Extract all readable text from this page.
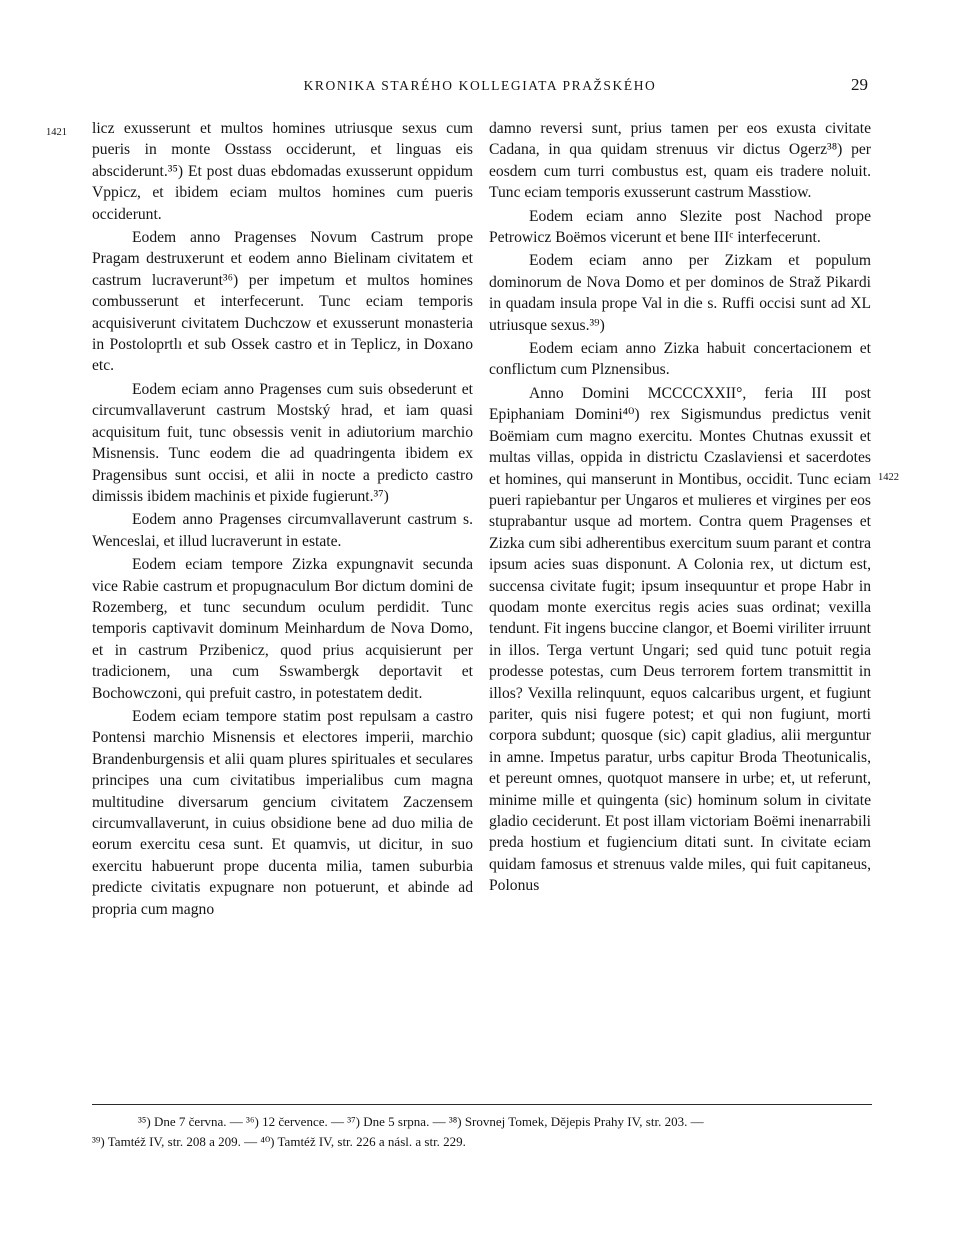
KRONIKA STARÉHO KOLLEGIATA PRAŽSKÉHO	29
1421
1422

licz exusserunt et multos homines utriusque sexus cum pueris in monte Osstass occiderunt, et linguas eis absciderunt.³⁵) Et post duas ebdomadas exusserunt oppidum Vppicz, et ibidem eciam multos homines cum pueris occiderunt.

Eodem anno Pragenses Novum Castrum prope Pragam destruxerunt et eodem anno Bielinam civitatem et castrum lucraverunt³⁶) per impetum et multos homines combusserunt et interfecerunt. Tunc eciam temporis acquisiverunt civitatem Duchczow et exusserunt monasteria in Postoloprtlı et sub Ossek castro et in Teplicz, in Doxano etc.

Eodem eciam anno Pragenses cum suis obsederunt et circumvallaverunt castrum Mostský hrad, et iam quasi acquisitum fuit, tunc obsessis venit in adiutorium marchio Misnensis. Tunc eodem die ad quadringenta ibidem ex Pragensibus sunt occisi, et alii in nocte a predicto castro dimissis ibidem machinis et pixide fugierunt.³⁷)

Eodem anno Pragenses circumvallaverunt castrum s. Wenceslai, et illud lucraverunt in estate.

Eodem eciam tempore Zizka expungnavit secunda vice Rabie castrum et propugnaculum Bor dictum domini de Rozemberg, et tunc secundum oculum perdidit. Tunc temporis captivavit dominum Meinhardum de Nova Domo, et in castrum Przibenicz, quod prius acquisierunt per tradicionem, una cum Sswambergk deportavit et Bochowczoni, qui prefuit castro, in potestatem dedit.

Eodem eciam tempore statim post repulsam a castro Pontensi marchio Misnensis et electores imperii, marchio Brandenburgensis et alii quam plures spirituales et seculares principes una cum civitatibus imperialibus cum magna multitudine diversarum gencium civitatem Zaczensem circumvallaverunt, in cuius obsidione bene ad duo milia de eorum exercitu cesa sunt. Et quamvis, ut dicitur, in suo exercitu habuerunt prope ducenta milia, tamen suburbia predicte civitatis expugnare non potuerunt, et abinde ad propria cum magno

damno reversi sunt, prius tamen per eos exusta civitate Cadana, in qua quidam strenuus vir dictus Ogerz³⁸) per eosdem cum turri combustus est, quam eis tradere noluit. Tunc eciam temporis exusserunt castrum Masstiow.

Eodem eciam anno Slezite post Nachod prope Petrowicz Boëmos vicerunt et bene IIIᶜ interfecerunt.

Eodem eciam anno per Zizkam et populum dominorum de Nova Domo et per dominos de Straž Pikardi in quadam insula prope Val in die s. Ruffi occisi sunt ad XL utriusque sexus.³⁹)

Eodem eciam anno Zizka habuit concertacionem et conflictum cum Plznensibus.

Anno Domini MCCCCXXII°, feria III post Epiphaniam Domini⁴⁰) rex Sigismundus predictus venit Boëmiam cum magno exercitu. Montes Chutnas exussit et multas villas, oppida in districtu Czaslaviensi et sacerdotes et homines, qui manserunt in Montibus, occidit. Tunc eciam pueri rapiebantur per Ungaros et mulieres et virgines per eos stuprabantur usque ad mortem. Contra quem Pragenses et Zizka cum sibi adherentibus exercitum suum parant et contra ipsum acies suas disponunt. A Colonia rex, ut dictum est, succensa civitate fugit; ipsum insequuntur et prope Habr in quodam monte exercitus regis acies suas ordinat; vexilla tendunt. Fit ingens buccine clangor, et Boemi viriliter irruunt in illos. Terga vertunt Ungari; sed quid tunc potuit regia prodesse potestas, cum Deus terrorem fortem transmittit in illos? Vexilla relinquunt, equos calcaribus urgent, et fugiunt pariter, quis nisi fugere potest; et qui non fugiunt, morti corpora subdunt; quosque (sic) capit gladius, alii merguntur in amne. Impetus paratur, urbs capitur Broda Theotunicalis, et pereunt omnes, quotquot mansere in urbe; et, ut referunt, minime mille et quingenta (sic) hominum solum in civitate gladio ceciderunt. Et post illam victoriam Boëmi inenarrabili preda hostium et fugiencium ditati sunt. In civitate eciam quidam famosus et strenuus valde miles, qui fuit capitaneus, Polonus

³⁵) Dne 7 června. — ³⁶) 12 července. — ³⁷) Dne 5 srpna. — ³⁸) Srovnej Tomek, Dějepis Prahy IV, str. 203. —
³⁹) Tamtéž IV, str. 208 a 209. — ⁴⁰) Tamtéž IV, str. 226 a násl. a str. 229.
